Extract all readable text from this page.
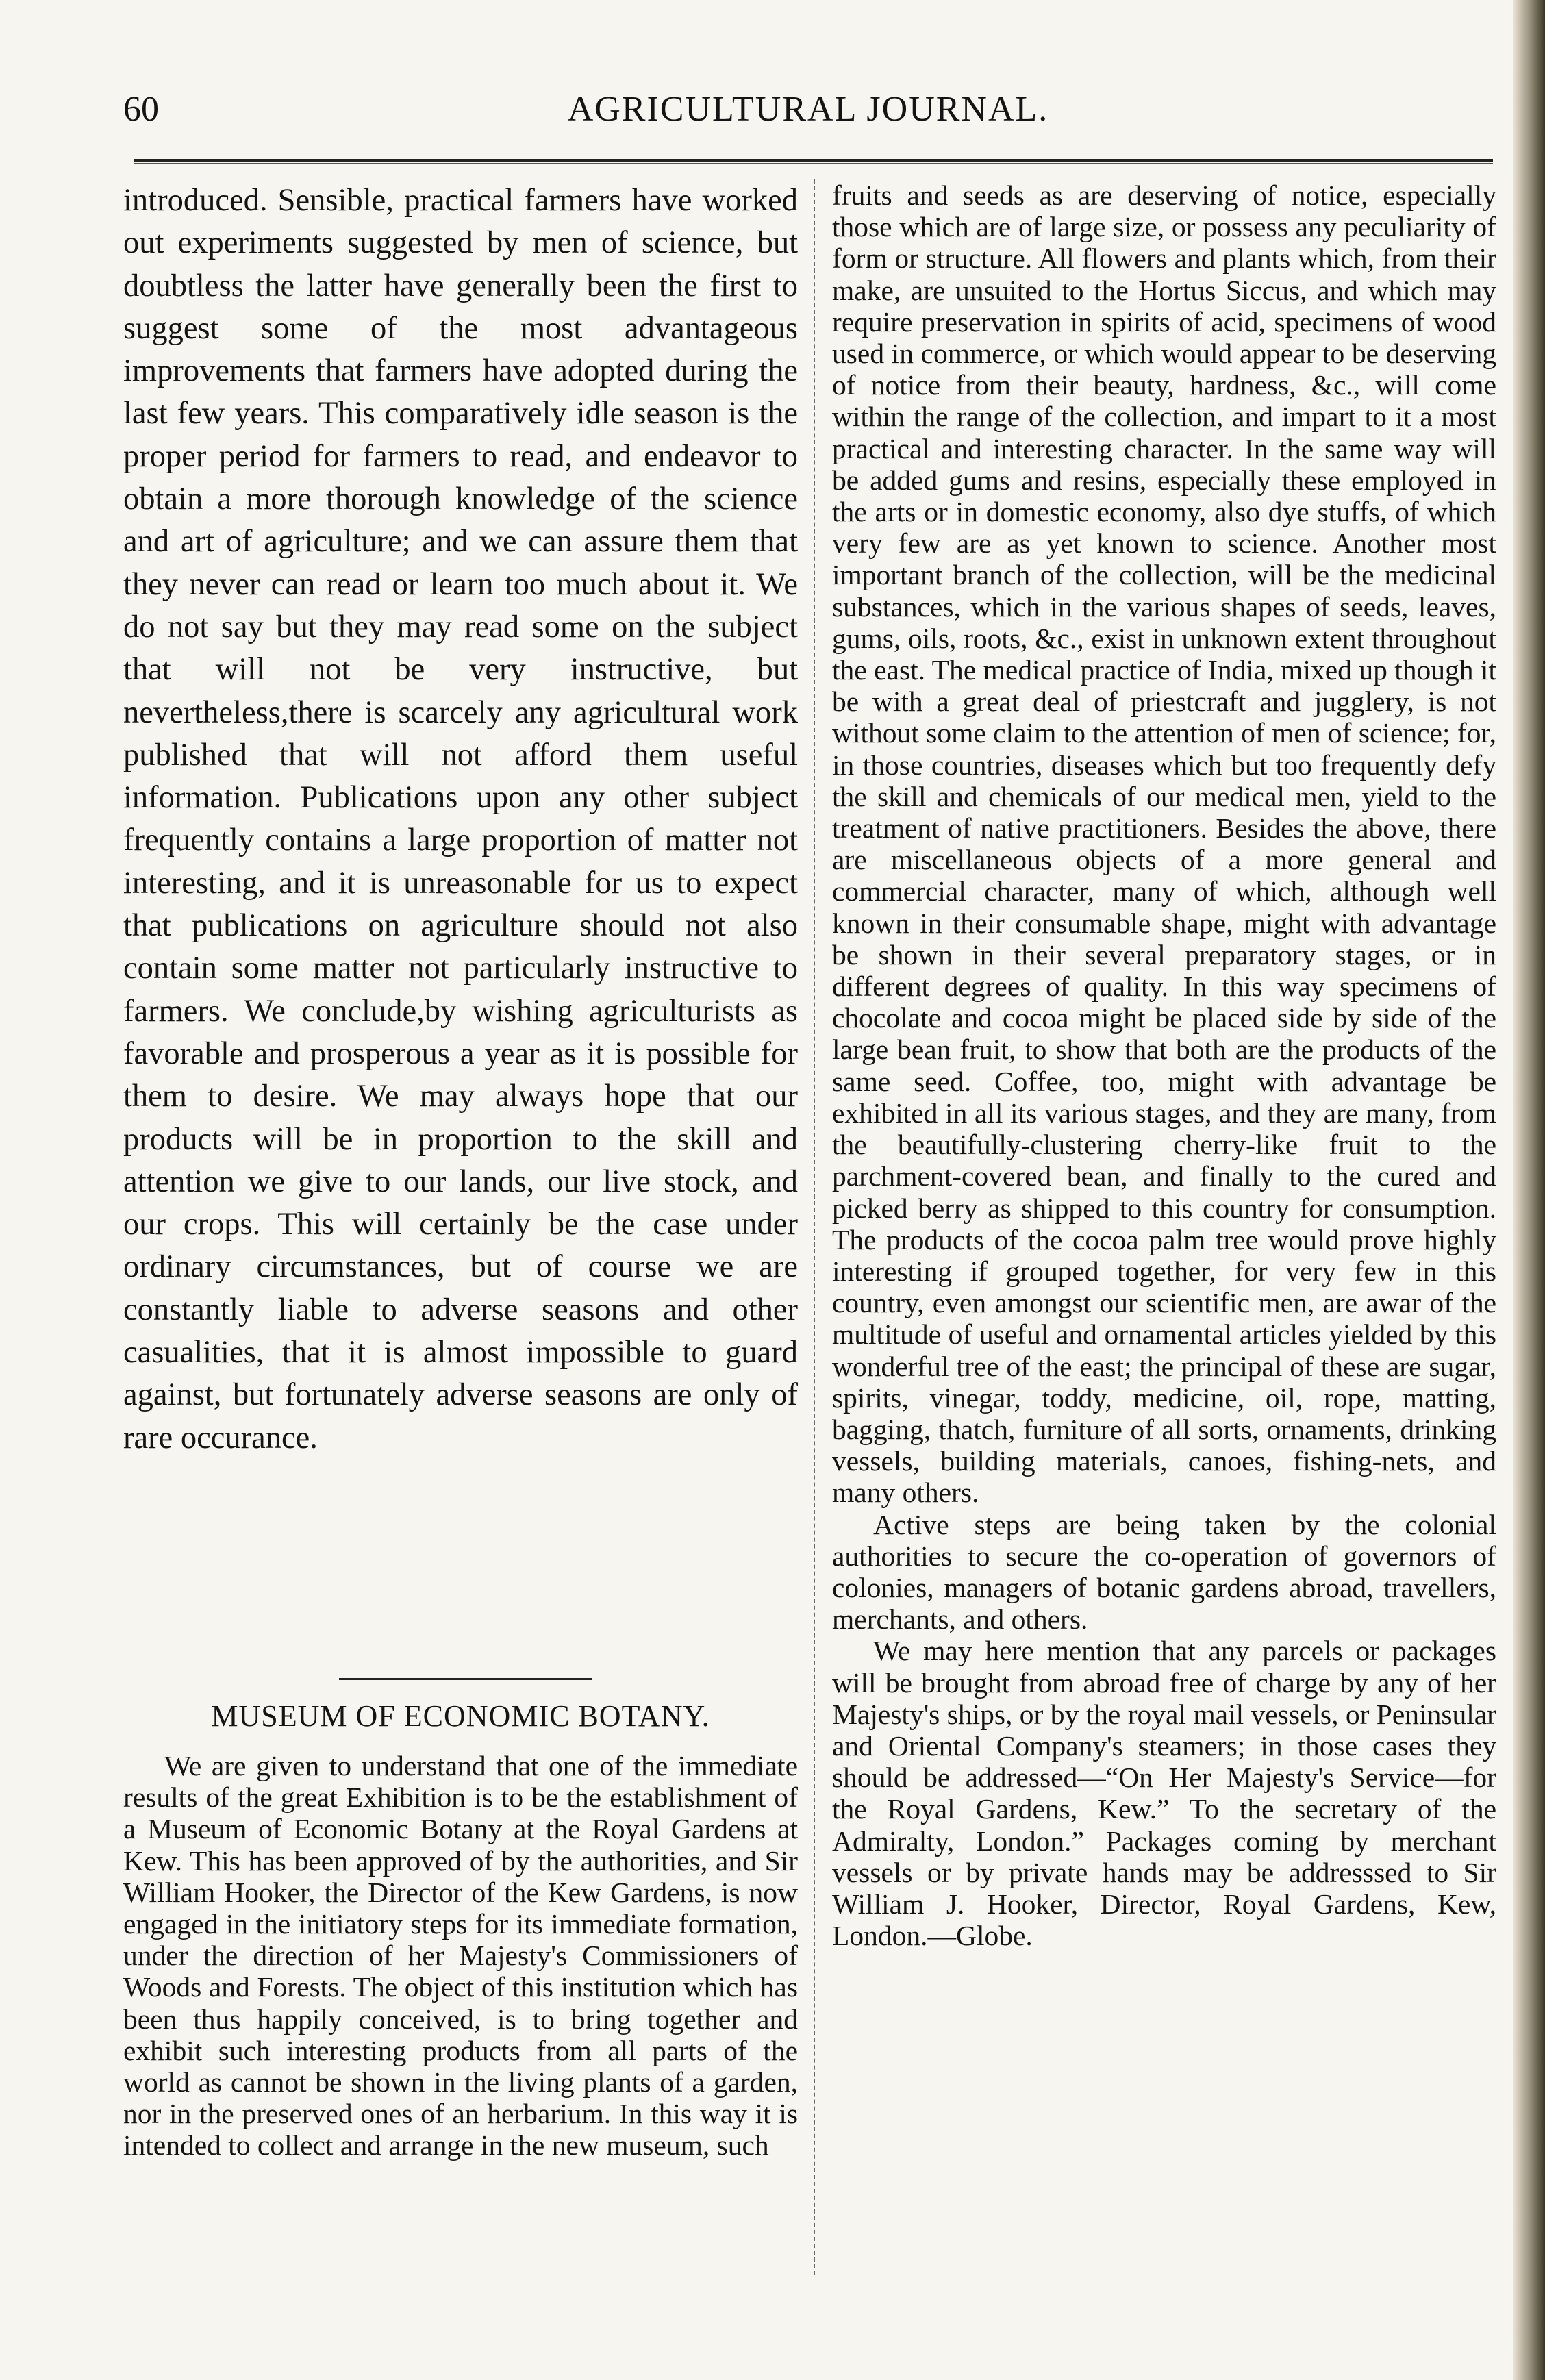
60	AGRICULTURAL JOURNAL.

introduced. Sensible, practical farmers have worked out experiments suggested by men of science, but doubtless the latter have generally been the first to suggest some of the most advantageous improvements that farmers have adopted during the last few years. This comparatively idle season is the proper period for farmers to read, and endeavor to obtain a more thorough knowledge of the science and art of agriculture; and we can assure them that they never can read or learn too much about it. We do not say but they may read some on the subject that will not be very instructive, but nevertheless,there is scarcely any agricultural work published that will not afford them useful information. Publications upon any other subject frequently contains a large proportion of matter not interesting, and it is unreasonable for us to expect that publications on agriculture should not also contain some matter not particularly instructive to farmers. We conclude,by wishing agriculturists as favorable and prosperous a year as it is possible for them to desire. We may always hope that our products will be in proportion to the skill and attention we give to our lands, our live stock, and our crops. This will certainly be the case under ordinary circumstances, but of course we are constantly liable to adverse seasons and other casualities, that it is almost impossible to guard against, but fortunately adverse seasons are only of rare occurance.

MUSEUM OF ECONOMIC BOTANY.

We are given to understand that one of the immediate results of the great Exhibition is to be the establishment of a Museum of Economic Botany at the Royal Gardens at Kew. This has been approved of by the authorities, and Sir William Hooker, the Director of the Kew Gardens, is now engaged in the initiatory steps for its immediate formation, under the direction of her Majesty's Commissioners of Woods and Forests. The object of this institution which has been thus happily conceived, is to bring together and exhibit such interesting products from all parts of the world as cannot be shown in the living plants of a garden, nor in the preserved ones of an herbarium. In this way it is intended to collect and arrange in the new museum, such

fruits and seeds as are deserving of notice, especially those which are of large size, or possess any peculiarity of form or structure. All flowers and plants which, from their make, are unsuited to the Hortus Siccus, and which may require preservation in spirits of acid, specimens of wood used in commerce, or which would appear to be deserving of notice from their beauty, hardness, &c., will come within the range of the collection, and impart to it a most practical and interesting character. In the same way will be added gums and resins, especially these employed in the arts or in domestic economy, also dye stuffs, of which very few are as yet known to science. Another most important branch of the collection, will be the medicinal substances, which in the various shapes of seeds, leaves, gums, oils, roots, &c., exist in unknown extent throughout the east. The medical practice of India, mixed up though it be with a great deal of priestcraft and jugglery, is not without some claim to the attention of men of science; for, in those countries, diseases which but too frequently defy the skill and chemicals of our medical men, yield to the treatment of native practitioners. Besides the above, there are miscellaneous objects of a more general and commercial character, many of which, although well known in their consumable shape, might with advantage be shown in their several preparatory stages, or in different degrees of quality. In this way specimens of chocolate and cocoa might be placed side by side of the large bean fruit, to show that both are the products of the same seed. Coffee, too, might with advantage be exhibited in all its various stages, and they are many, from the beautifully-clustering cherry-like fruit to the parchment-covered bean, and finally to the cured and picked berry as shipped to this country for consumption. The products of the cocoa palm tree would prove highly interesting if grouped together, for very few in this country, even amongst our scientific men, are awar of the multitude of useful and ornamental articles yielded by this wonderful tree of the east; the principal of these are sugar, spirits, vinegar, toddy, medicine, oil, rope, matting, bagging, thatch, furniture of all sorts, ornaments, drinking vessels, building materials, canoes, fishing-nets, and many others.

Active steps are being taken by the colonial authorities to secure the co-operation of governors of colonies, managers of botanic gardens abroad, travellers, merchants, and others.

We may here mention that any parcels or packages will be brought from abroad free of charge by any of her Majesty's ships, or by the royal mail vessels, or Peninsular and Oriental Company's steamers; in those cases they should be addressed—“On Her Majesty's Service—for the Royal Gardens, Kew.” To the secretary of the Admiralty, London.” Packages coming by merchant vessels or by private hands may be addresssed to Sir William J. Hooker, Director, Royal Gardens, Kew, London.—Globe.
